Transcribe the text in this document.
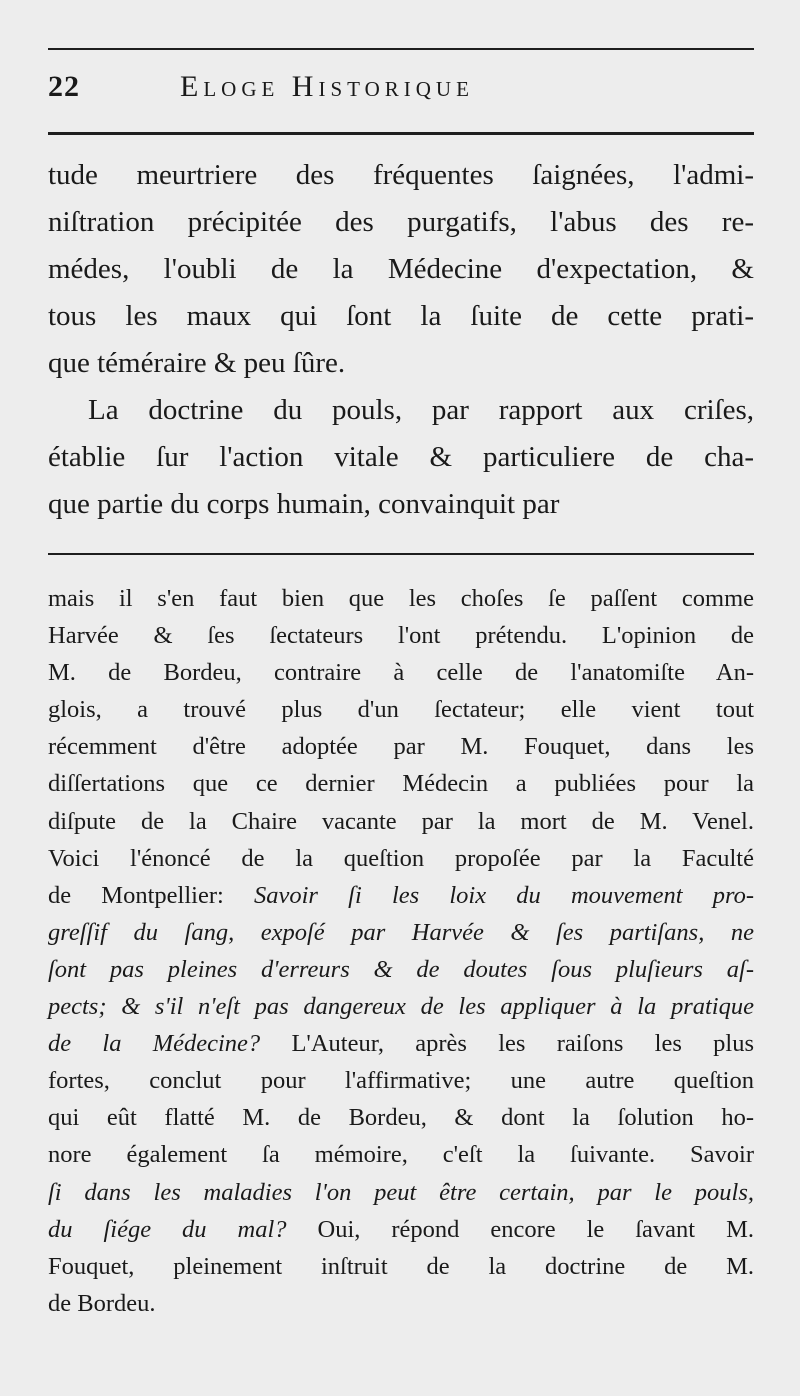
22	Eloge Historique
tude meurtriere des fréquentes ſaignées, l'admi-
niſtration précipitée des purgatifs, l'abus des re-
médes, l'oubli de la Médecine d'expectation, &
tous les maux qui ſont la ſuite de cette prati-
que téméraire & peu ſûre.
La doctrine du pouls, par rapport aux criſes,
établie ſur l'action vitale & particuliere de cha-
que partie du corps humain, convainquit par
mais il s'en faut bien que les choſes ſe paſſent comme
Harvée & ſes ſectateurs l'ont prétendu. L'opinion de
M. de Bordeu, contraire à celle de l'anatomiſte An-
glois, a trouvé plus d'un ſectateur; elle vient tout
récemment d'être adoptée par M. Fouquet, dans les
diſſertations que ce dernier Médecin a publiées pour la
diſpute de la Chaire vacante par la mort de M. Venel.
Voici l'énoncé de la queſtion propoſée par la Faculté
de Montpellier: Savoir ſi les loix du mouvement pro-
greſſif du ſang, expoſé par Harvée & ſes partiſans, ne
ſont pas pleines d'erreurs & de doutes ſous pluſieurs aſ-
pects; & s'il n'eſt pas dangereux de les appliquer à la pratique
de la Médecine? L'Auteur, après les raiſons les plus
fortes, conclut pour l'affirmative; une autre queſtion
qui eût flatté M. de Bordeu, & dont la ſolution ho-
nore également ſa mémoire, c'eſt la ſuivante. Savoir
ſi dans les maladies l'on peut être certain, par le pouls,
du ſiége du mal? Oui, répond encore le ſavant M.
Fouquet, pleinement inſtruit de la doctrine de M.
de Bordeu.
